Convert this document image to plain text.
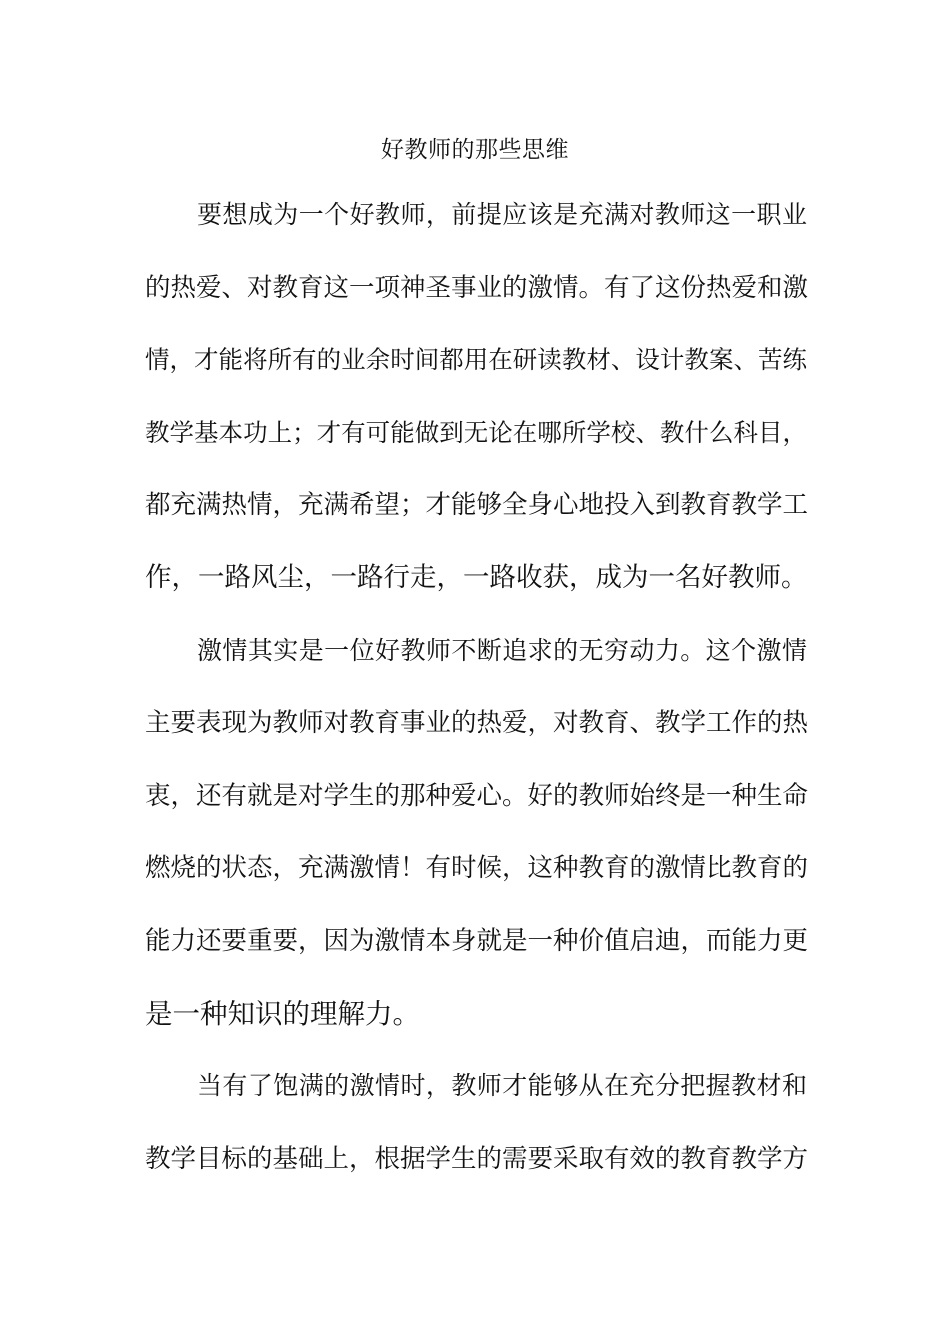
好教师的那些思维
要想成为一个好教师，前提应该是充满对教师这一职业
的热爱、对教育这一项神圣事业的激情。有了这份热爱和激
情，才能将所有的业余时间都用在研读教材、设计教案、苦练
教学基本功上；才有可能做到无论在哪所学校、教什么科目，
都充满热情，充满希望；才能够全身心地投入到教育教学工
作，一路风尘，一路行走，一路收获，成为一名好教师。
激情其实是一位好教师不断追求的无穷动力。这个激情
主要表现为教师对教育事业的热爱，对教育、教学工作的热
衷，还有就是对学生的那种爱心。好的教师始终是一种生命
燃烧的状态，充满激情！有时候，这种教育的激情比教育的
能力还要重要，因为激情本身就是一种价值启迪，而能力更
是一种知识的理解力。
当有了饱满的激情时，教师才能够从在充分把握教材和
教学目标的基础上，根据学生的需要采取有效的教育教学方
